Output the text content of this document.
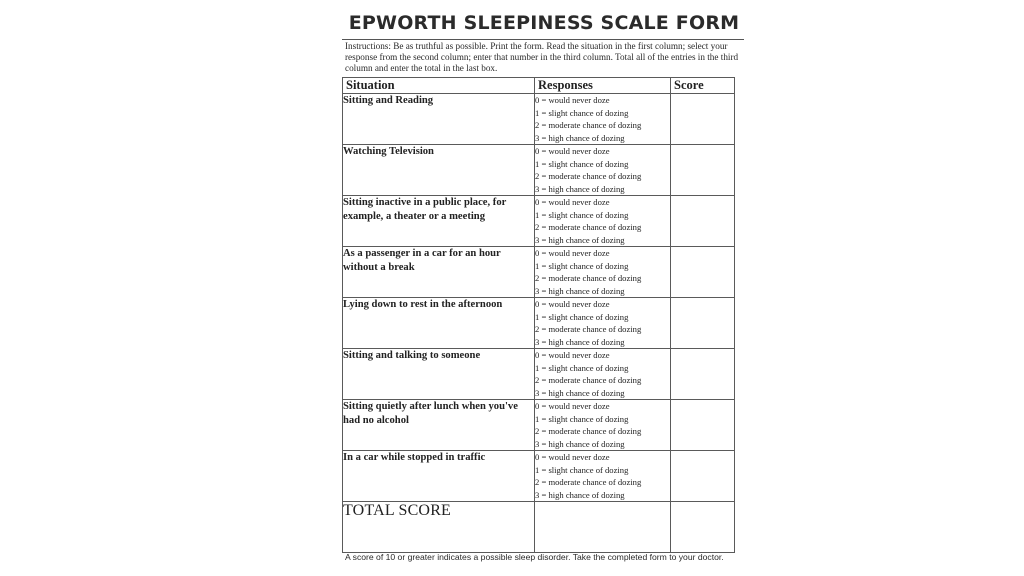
EPWORTH SLEEPINESS SCALE FORM

Instructions: Be as truthful as possible. Print the form. Read the situation in the first column; select your response from the second column; enter that number in the third column. Total all of the entries in the third column and enter the total in the last box.

Situation	Responses	Score
Sitting and Reading	0 = would never doze
1 = slight chance of dozing
2 = moderate chance of dozing
3 = high chance of dozing	

Watching Television	0 = would never doze
1 = slight chance of dozing
2 = moderate chance of dozing
3 = high chance of dozing	

Sitting inactive in a public place, for example, a theater or a meeting	0 = would never doze
1 = slight chance of dozing
2 = moderate chance of dozing
3 = high chance of dozing	

As a passenger in a car for an hour without a break	0 = would never doze
1 = slight chance of dozing
2 = moderate chance of dozing
3 = high chance of dozing	

Lying down to rest in the afternoon	0 = would never doze
1 = slight chance of dozing
2 = moderate chance of dozing
3 = high chance of dozing	

Sitting and talking to someone	0 = would never doze
1 = slight chance of dozing
2 = moderate chance of dozing
3 = high chance of dozing	

Sitting quietly after lunch when you've had no alcohol	0 = would never doze
1 = slight chance of dozing
2 = moderate chance of dozing
3 = high chance of dozing	

In a car while stopped in traffic	0 = would never doze
1 = slight chance of dozing
2 = moderate chance of dozing
3 = high chance of dozing	

TOTAL SCORE		

A score of 10 or greater indicates a possible sleep disorder. Take the completed form to your doctor.
